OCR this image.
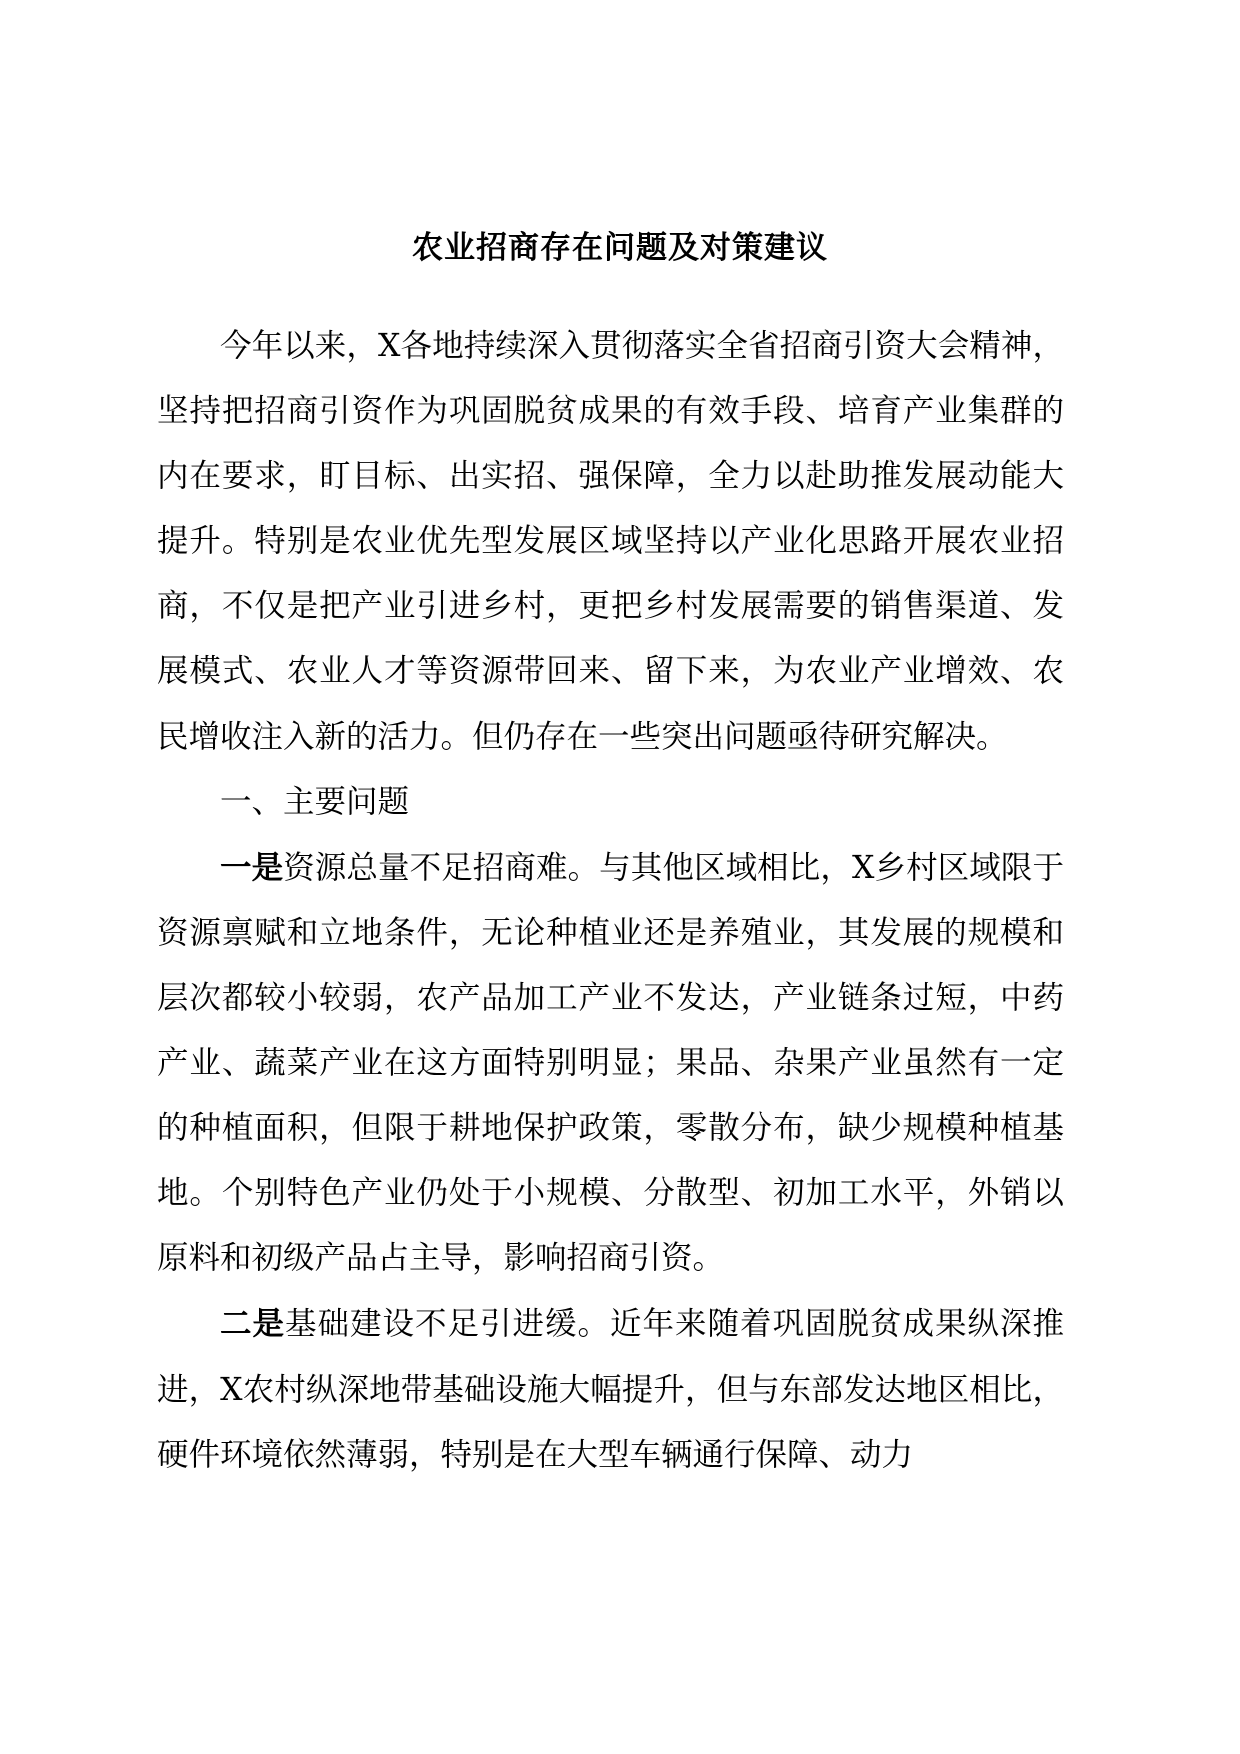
农业招商存在问题及对策建议

今年以来，X各地持续深入贯彻落实全省招商引资大会精神，坚持把招商引资作为巩固脱贫成果的有效手段、培育产业集群的内在要求，盯目标、出实招、强保障，全力以赴助推发展动能大提升。特别是农业优先型发展区域坚持以产业化思路开展农业招商，不仅是把产业引进乡村，更把乡村发展需要的销售渠道、发展模式、农业人才等资源带回来、留下来，为农业产业增效、农民增收注入新的活力。但仍存在一些突出问题亟待研究解决。

一、主要问题

一是资源总量不足招商难。与其他区域相比，X乡村区域限于资源禀赋和立地条件，无论种植业还是养殖业，其发展的规模和层次都较小较弱，农产品加工产业不发达，产业链条过短，中药产业、蔬菜产业在这方面特别明显；果品、杂果产业虽然有一定的种植面积，但限于耕地保护政策，零散分布，缺少规模种植基地。个别特色产业仍处于小规模、分散型、初加工水平，外销以原料和初级产品占主导，影响招商引资。

二是基础建设不足引进缓。近年来随着巩固脱贫成果纵深推进，X农村纵深地带基础设施大幅提升，但与东部发达地区相比，硬件环境依然薄弱，特别是在大型车辆通行保障、动力
